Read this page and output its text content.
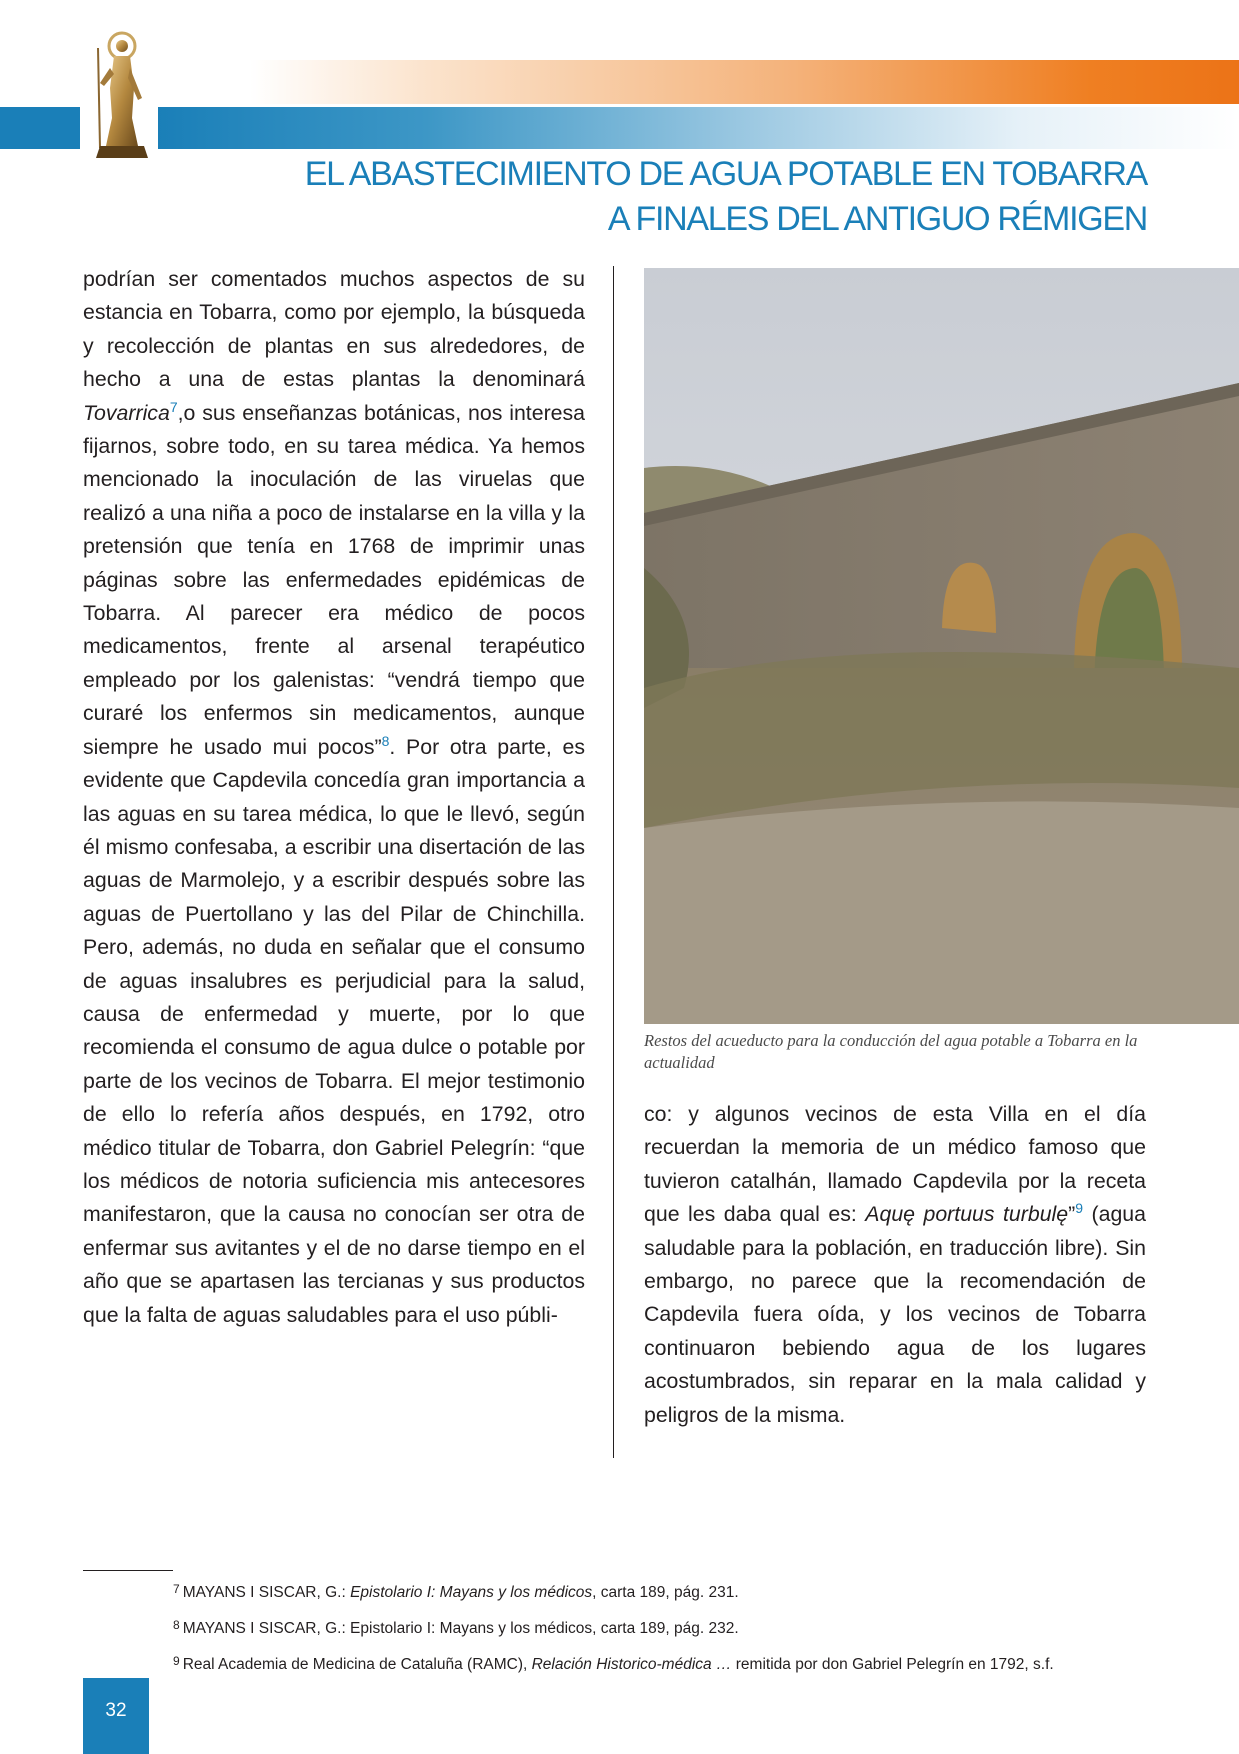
EL ABASTECIMIENTO DE AGUA POTABLE EN TOBARRA
A FINALES DEL ANTIGUO RÉMIGEN

podrían ser comentados muchos aspectos de su estancia en Tobarra, como por ejemplo, la búsqueda y recolección de plantas en sus alrededores, de hecho a una de estas plantas la denominará Tovarrica$^7$,o sus enseñanzas botánicas, nos interesa fijarnos, sobre todo, en su tarea médica. Ya hemos mencionado la inoculación de las viruelas que realizó a una niña a poco de instalarse en la villa y la pretensión que tenía en 1768 de imprimir unas páginas sobre las enfermedades epidémicas de Tobarra. Al parecer era médico de pocos medicamentos, frente al arsenal terapéutico empleado por los galenistas: “vendrá tiempo que curaré los enfermos sin medicamentos, aunque siempre he usado mui pocos”$^8$. Por otra parte, es evidente que Capdevila concedía gran importancia a las aguas en su tarea médica, lo que le llevó, según él mismo confesaba, a escribir una disertación de las aguas de Marmolejo, y a escribir después sobre las aguas de Puertollano y las del Pilar de Chinchilla. Pero, además, no duda en señalar que el consumo de aguas insalubres es perjudicial para la salud, causa de enfermedad y muerte, por lo que recomienda el consumo de agua dulce o potable por parte de los vecinos de Tobarra. El mejor testimonio de ello lo refería años después, en 1792, otro médico titular de Tobarra, don Gabriel Pelegrín: “que los médicos de notoria suficiencia mis antecesores manifestaron, que la causa no conocían ser otra de enfermar sus avitantes y el de no darse tiempo en el año que se apartasen las tercianas y sus productos que la falta de aguas saludables para el uso públi-

Restos del acueducto para la conducción del agua potable a Tobarra en la actualidad

co: y algunos vecinos de esta Villa en el día recuerdan la memoria de un médico famoso que tuvieron catalhán, llamado Capdevila por la receta que les daba qual es: Aquę portuus turbulę”$^9$ (agua saludable para la población, en traducción libre). Sin embargo, no parece que la recomendación de Capdevila fuera oída, y los vecinos de Tobarra continuaron bebiendo agua de los lugares acostumbrados, sin reparar en la mala calidad y peligros de la misma.

$^7$ MAYANS I SISCAR, G.: Epistolario I: Mayans y los médicos, carta 189, pág. 231.
$^8$ MAYANS I SISCAR, G.: Epistolario I: Mayans y los médicos, carta 189, pág. 232.
$^9$ Real Academia de Medicina de Cataluña (RAMC), Relación Historico-médica … remitida por don Gabriel Pelegrín en 1792, s.f.
32
